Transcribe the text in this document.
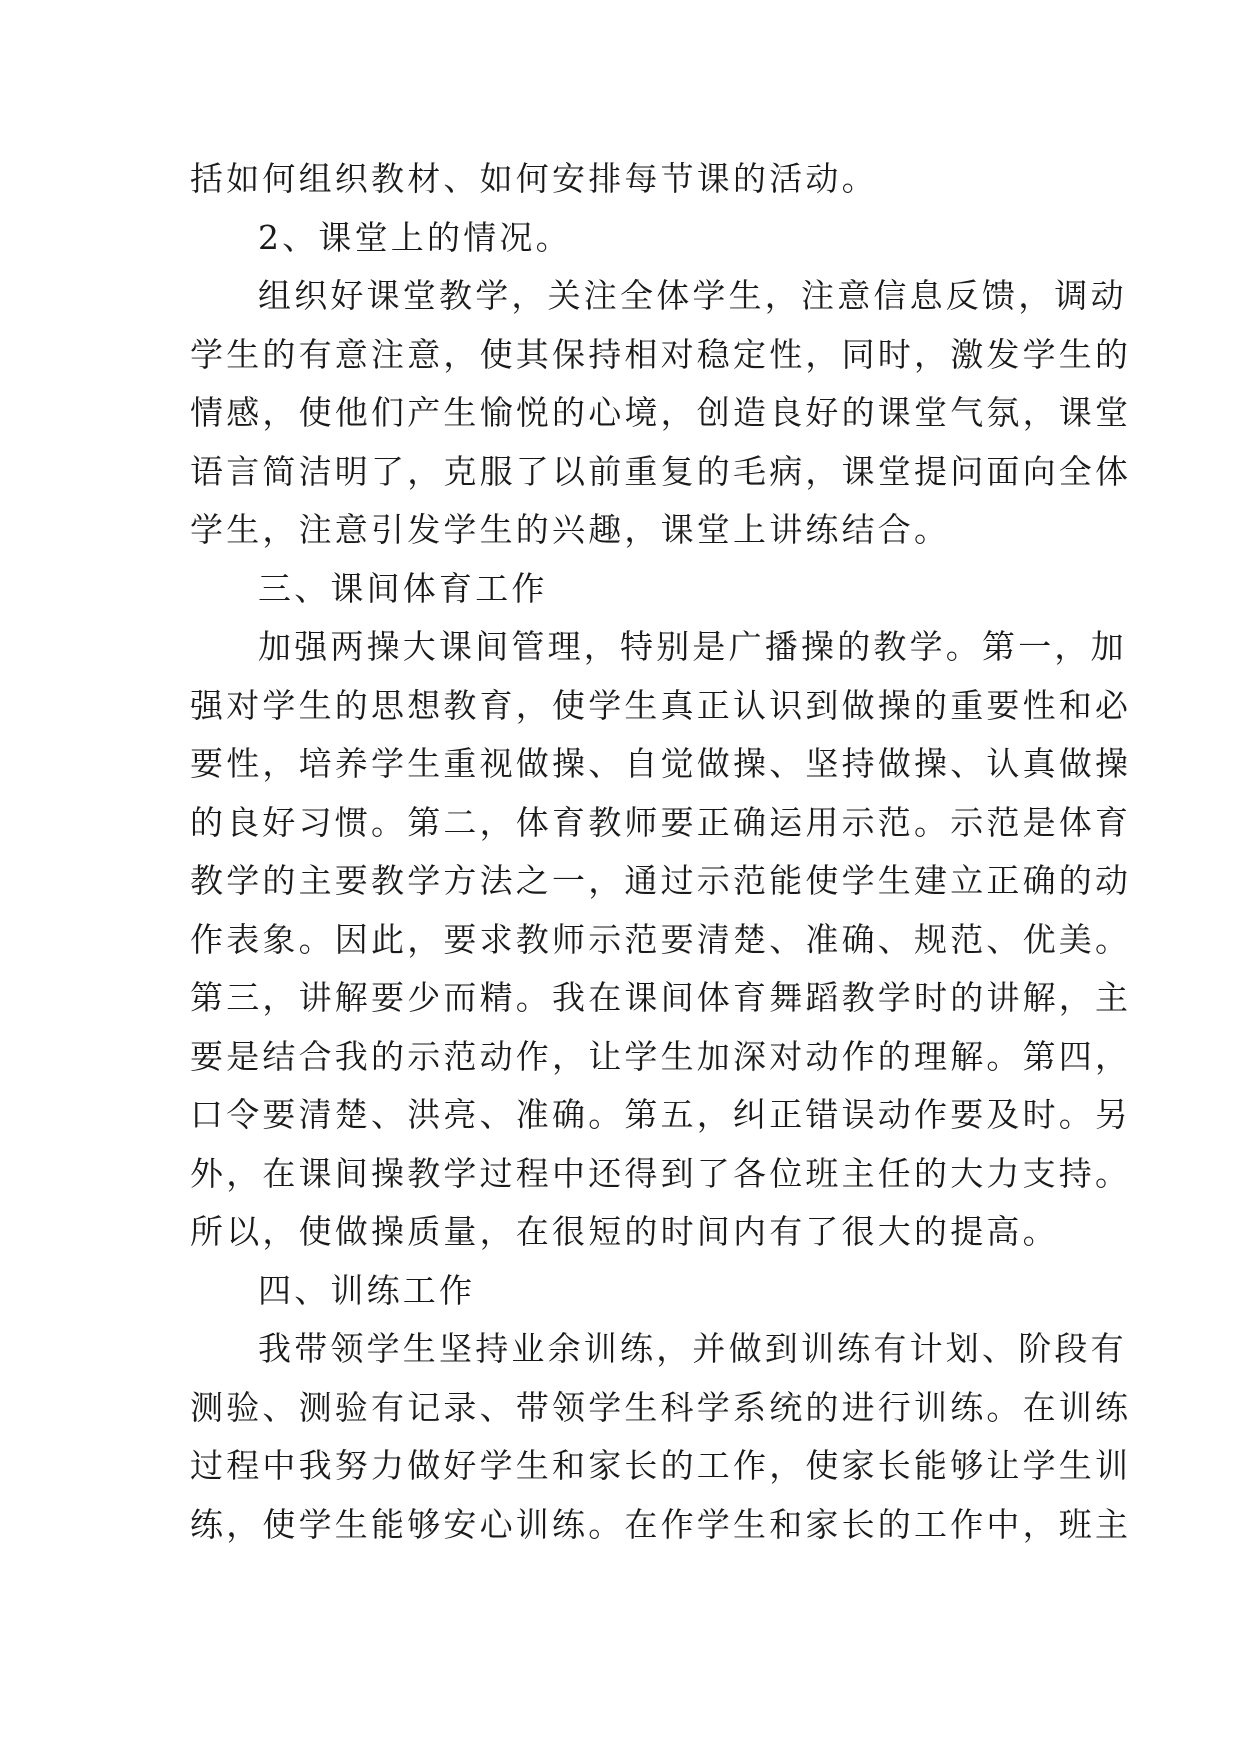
括如何组织教材、如何安排每节课的活动。
2、课堂上的情况。
组织好课堂教学，关注全体学生，注意信息反馈，调动
学生的有意注意，使其保持相对稳定性，同时，激发学生的
情感，使他们产生愉悦的心境，创造良好的课堂气氛，课堂
语言简洁明了，克服了以前重复的毛病，课堂提问面向全体
学生，注意引发学生的兴趣，课堂上讲练结合。
三、课间体育工作
加强两操大课间管理，特别是广播操的教学。第一，加
强对学生的思想教育，使学生真正认识到做操的重要性和必
要性，培养学生重视做操、自觉做操、坚持做操、认真做操
的良好习惯。第二，体育教师要正确运用示范。示范是体育
教学的主要教学方法之一，通过示范能使学生建立正确的动
作表象。因此，要求教师示范要清楚、准确、规范、优美。
第三，讲解要少而精。我在课间体育舞蹈教学时的讲解，主
要是结合我的示范动作，让学生加深对动作的理解。第四，
口令要清楚、洪亮、准确。第五，纠正错误动作要及时。另
外，在课间操教学过程中还得到了各位班主任的大力支持。
所以，使做操质量，在很短的时间内有了很大的提高。
四、训练工作
我带领学生坚持业余训练，并做到训练有计划、阶段有
测验、测验有记录、带领学生科学系统的进行训练。在训练
过程中我努力做好学生和家长的工作，使家长能够让学生训
练，使学生能够安心训练。在作学生和家长的工作中，班主
